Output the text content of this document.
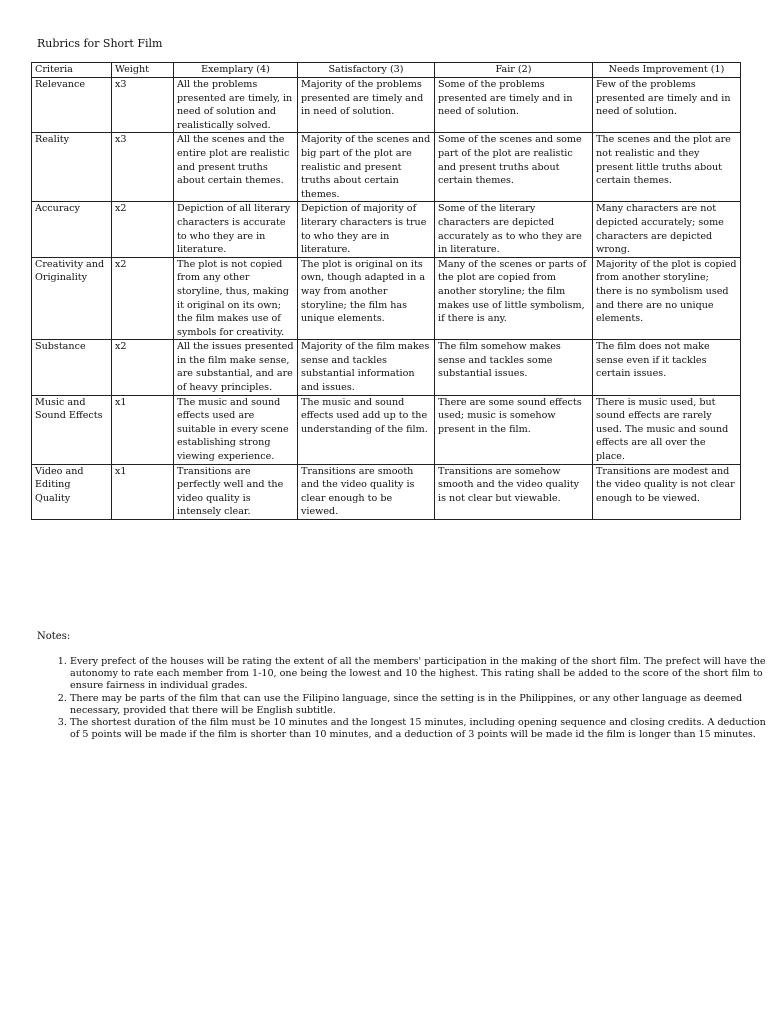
Rubrics for Short Film
Criteria	Weight	Exemplary (4)	Satisfactory (3)	Fair (2)	Needs Improvement (1)
Relevance	x3	All the problems presented are timely, in need of solution and realistically solved.	Majority of the problems presented are timely and in need of solution.	Some of the problems presented are timely and in need of solution.	Few of the problems presented are timely and in need of solution.
Reality	x3	All the scenes and the entire plot are realistic and present truths about certain themes.	Majority of the scenes and big part of the plot are realistic and present truths about certain themes.	Some of the scenes and some part of the plot are realistic and present truths about certain themes.	The scenes and the plot are not realistic and they present little truths about certain themes.
Accuracy	x2	Depiction of all literary characters is accurate to who they are in literature.	Depiction of majority of literary characters is true to who they are in literature.	Some of the literary characters are depicted accurately as to who they are in literature.	Many characters are not depicted accurately; some characters are depicted wrong.
Creativity and Originality	x2	The plot is not copied from any other storyline, thus, making it original on its own; the film makes use of symbols for creativity.	The plot is original on its own, though adapted in a way from another storyline; the film has unique elements.	Many of the scenes or parts of the plot are copied from another storyline; the film makes use of little symbolism, if there is any.	Majority of the plot is copied from another storyline; there is no symbolism used and there are no unique elements.
Substance	x2	All the issues presented in the film make sense, are substantial, and are of heavy principles.	Majority of the film makes sense and tackles substantial information and issues.	The film somehow makes sense and tackles some substantial issues.	The film does not make sense even if it tackles certain issues.
Music and Sound Effects	x1	The music and sound effects used are suitable in every scene establishing strong viewing experience.	The music and sound effects used add up to the understanding of the film.	There are some sound effects used; music is somehow present in the film.	There is music used, but sound effects are rarely used. The music and sound effects are all over the place.
Video and Editing Quality	x1	Transitions are perfectly well and the video quality is intensely clear.	Transitions are smooth and the video quality is clear enough to be viewed.	Transitions are somehow smooth and the video quality is not clear but viewable.	Transitions are modest and the video quality is not clear enough to be viewed.
Notes:
1. Every prefect of the houses will be rating the extent of all the members' participation in the making of the short film. The prefect will have the autonomy to rate each member from 1-10, one being the lowest and 10 the highest. This rating shall be added to the score of the short film to ensure fairness in individual grades.
2. There may be parts of the film that can use the Filipino language, since the setting is in the Philippines, or any other language as deemed necessary, provided that there will be English subtitle.
3. The shortest duration of the film must be 10 minutes and the longest 15 minutes, including opening sequence and closing credits. A deduction of 5 points will be made if the film is shorter than 10 minutes, and a deduction of 3 points will be made id the film is longer than 15 minutes.
